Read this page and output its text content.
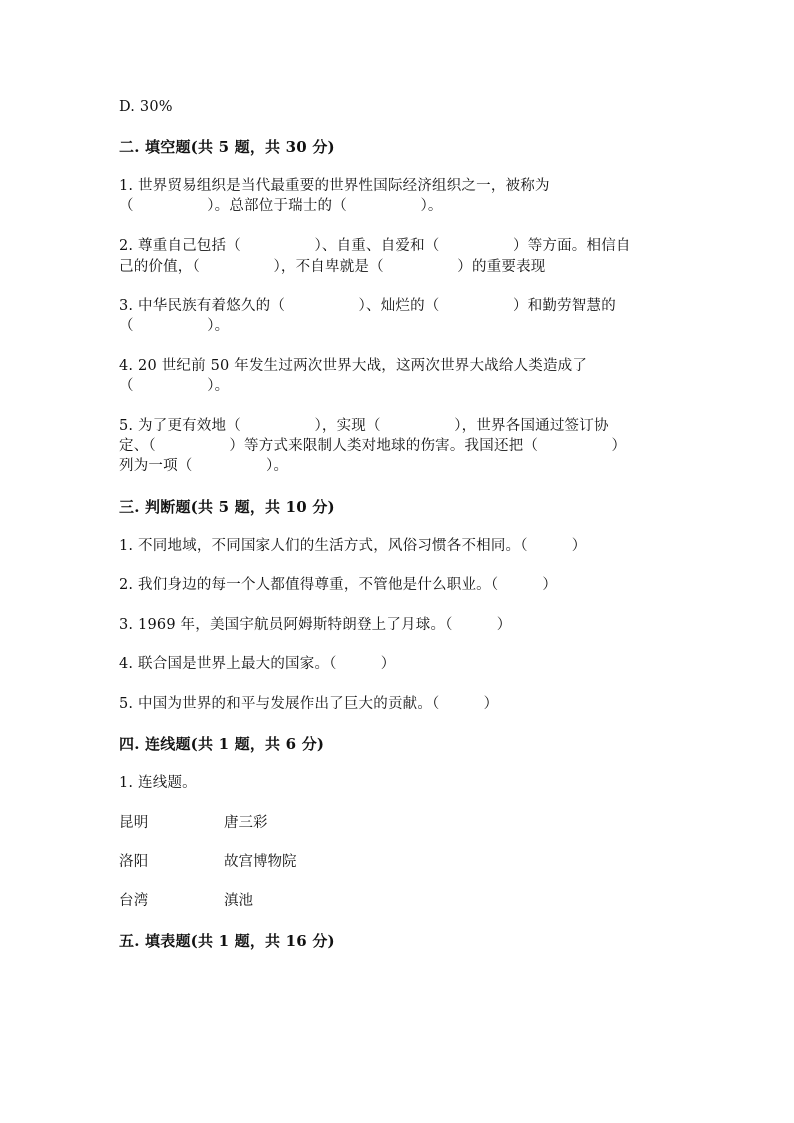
D. 30%
二. 填空题(共 5 题，共 30 分)
1. 世界贸易组织是当代最重要的世界性国际经济组织之一，被称为
（　　　　　）。总部位于瑞士的（　　　　　）。
2. 尊重自己包括（　　　　　）、自重、自爱和（　　　　　）等方面。相信自
己的价值，（　　　　　），不自卑就是（　　　　　）的重要表现
3. 中华民族有着悠久的（　　　　　）、灿烂的（　　　　　）和勤劳智慧的
（　　　　　）。
4. 20 世纪前 50 年发生过两次世界大战，这两次世界大战给人类造成了
（　　　　　）。
5. 为了更有效地（　　　　　），实现（　　　　　），世界各国通过签订协
定、（　　　　　）等方式来限制人类对地球的伤害。我国还把（　　　　　）
列为一项（　　　　　）。
三. 判断题(共 5 题，共 10 分)
1. 不同地域，不同国家人们的生活方式，风俗习惯各不相同。（　　　）
2. 我们身边的每一个人都值得尊重，不管他是什么职业。（　　　）
3. 1969 年，美国宇航员阿姆斯特朗登上了月球。（　　　）
4. 联合国是世界上最大的国家。（　　　）
5. 中国为世界的和平与发展作出了巨大的贡献。（　　　）
四. 连线题(共 1 题，共 6 分)
1. 连线题。
昆明	唐三彩
洛阳	故宫博物院
台湾	滇池
五. 填表题(共 1 题，共 16 分)
